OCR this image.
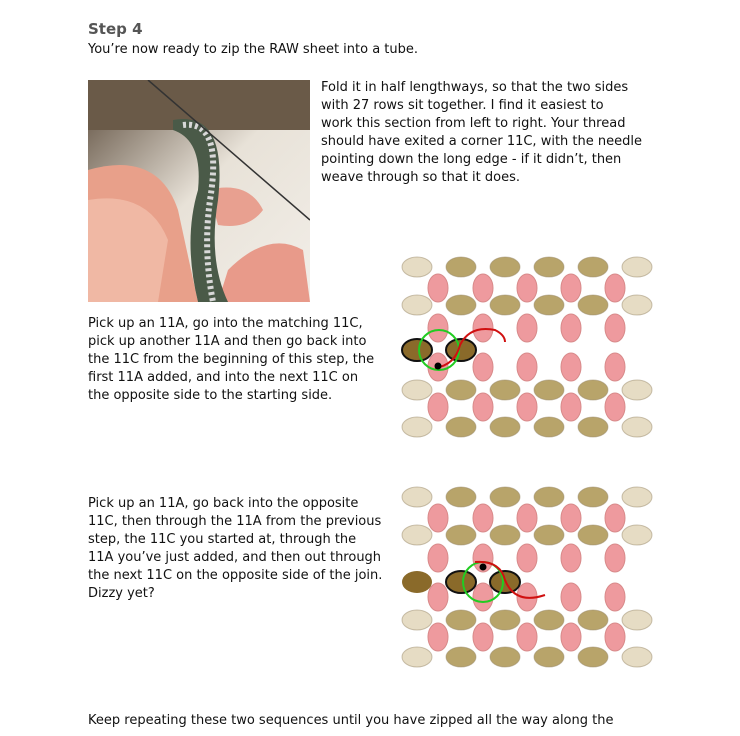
Step 4
You’re now ready to zip the RAW sheet into a tube.
Fold it in half lengthways, so that the two sides
with 27 rows sit together. I find it easiest to
work this section from left to right. Your thread
should have exited a corner 11C, with the needle
pointing down the long edge - if it didn’t, then
weave through so that it does.
Pick up an 11A, go into the matching 11C,
pick up another 11A and then go back into
the 11C from the beginning of this step, the
first 11A added, and into the next 11C on
the opposite side to the starting side.
Pick up an 11A, go back into the opposite
11C, then through the 11A from the previous
step, the 11C you started at, through the
11A you’ve just added, and then out through
the next 11C on the opposite side of the join.
Dizzy yet?
Keep repeating these two sequences until you have zipped all the way along the
